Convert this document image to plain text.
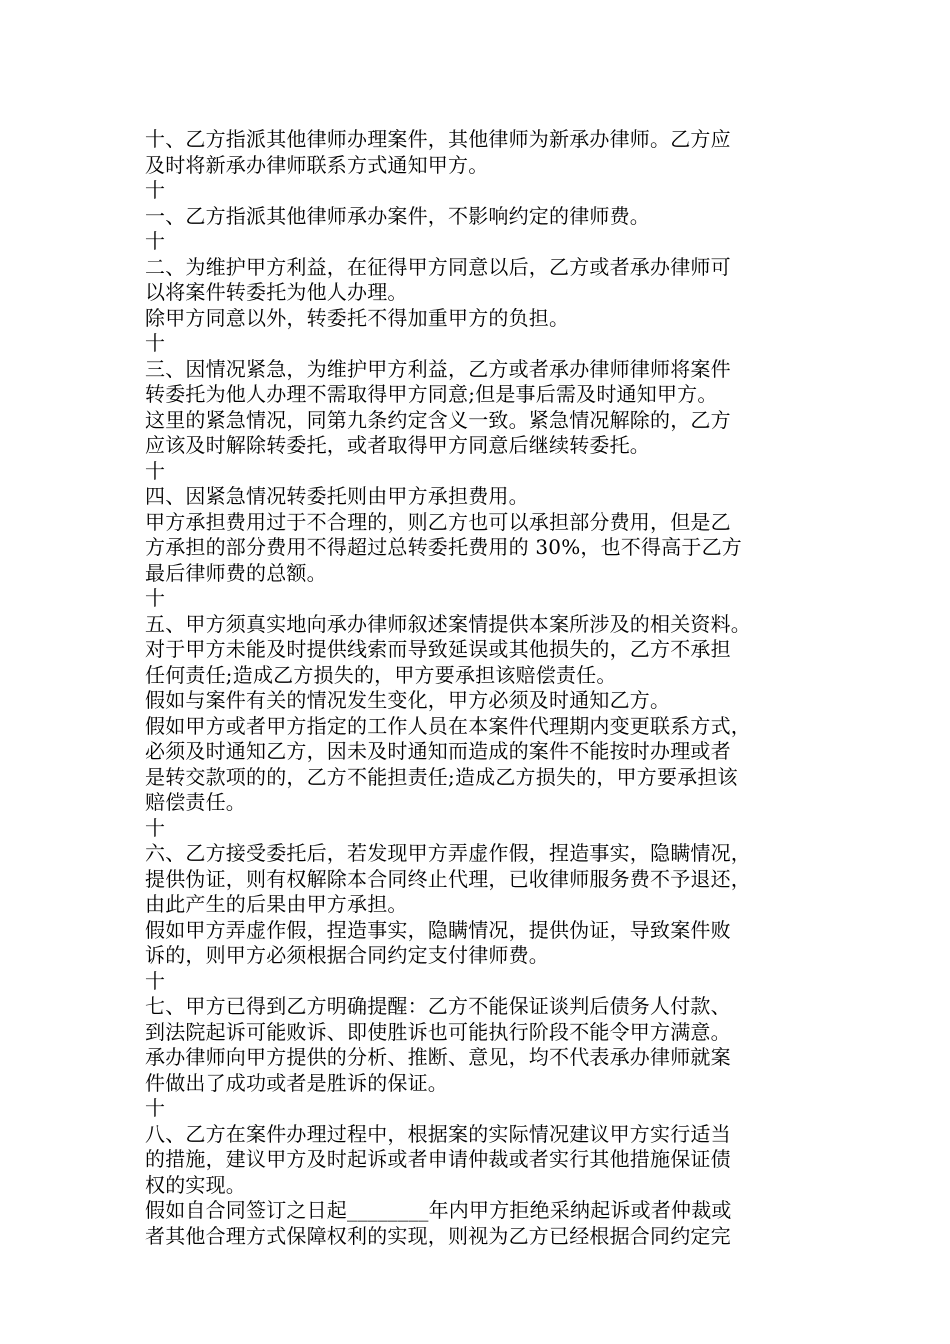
十、乙方指派其他律师办理案件，其他律师为新承办律师。乙方应
及时将新承办律师联系方式通知甲方。
十
一、乙方指派其他律师承办案件，不影响约定的律师费。
十
二、为维护甲方利益，在征得甲方同意以后，乙方或者承办律师可
以将案件转委托为他人办理。
除甲方同意以外，转委托不得加重甲方的负担。
十
三、因情况紧急，为维护甲方利益，乙方或者承办律师律师将案件
转委托为他人办理不需取得甲方同意;但是事后需及时通知甲方。
这里的紧急情况，同第九条约定含义一致。紧急情况解除的，乙方
应该及时解除转委托，或者取得甲方同意后继续转委托。
十
四、因紧急情况转委托则由甲方承担费用。
甲方承担费用过于不合理的，则乙方也可以承担部分费用，但是乙
方承担的部分费用不得超过总转委托费用的 30%，也不得高于乙方
最后律师费的总额。
十
五、甲方须真实地向承办律师叙述案情提供本案所涉及的相关资料。
对于甲方未能及时提供线索而导致延误或其他损失的，乙方不承担
任何责任;造成乙方损失的，甲方要承担该赔偿责任。
假如与案件有关的情况发生变化，甲方必须及时通知乙方。
假如甲方或者甲方指定的工作人员在本案件代理期内变更联系方式，
必须及时通知乙方，因未及时通知而造成的案件不能按时办理或者
是转交款项的的，乙方不能担责任;造成乙方损失的，甲方要承担该
赔偿责任。
十
六、乙方接受委托后，若发现甲方弄虚作假，捏造事实，隐瞒情况，
提供伪证，则有权解除本合同终止代理，已收律师服务费不予退还，
由此产生的后果由甲方承担。
假如甲方弄虚作假，捏造事实，隐瞒情况，提供伪证，导致案件败
诉的，则甲方必须根据合同约定支付律师费。
十
七、甲方已得到乙方明确提醒：乙方不能保证谈判后债务人付款、
到法院起诉可能败诉、即使胜诉也可能执行阶段不能令甲方满意。
承办律师向甲方提供的分析、推断、意见，均不代表承办律师就案
件做出了成功或者是胜诉的保证。
十
八、乙方在案件办理过程中，根据案的实际情况建议甲方实行适当
的措施，建议甲方及时起诉或者申请仲裁或者实行其他措施保证债
权的实现。
假如自合同签订之日起________年内甲方拒绝采纳起诉或者仲裁或
者其他合理方式保障权利的实现，则视为乙方已经根据合同约定完
